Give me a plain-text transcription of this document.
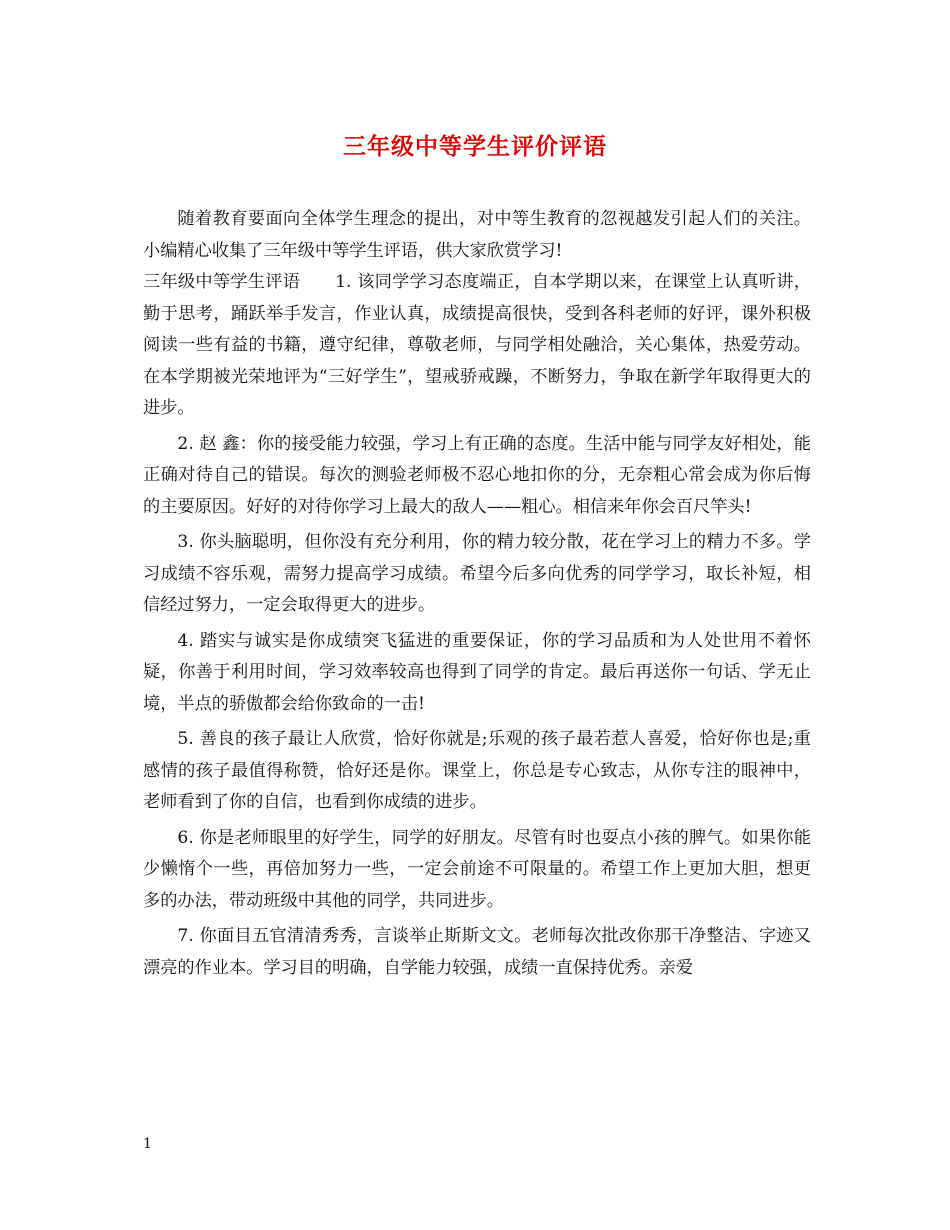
三年级中等学生评价评语

随着教育要面向全体学生理念的提出，对中等生教育的忽视越发引起人们的关注。小编精心收集了三年级中等学生评语，供大家欣赏学习!

三年级中等学生评语　　1. 该同学学习态度端正，自本学期以来，在课堂上认真听讲，勤于思考，踊跃举手发言，作业认真，成绩提高很快，受到各科老师的好评，课外积极阅读一些有益的书籍，遵守纪律，尊敬老师，与同学相处融洽，关心集体，热爱劳动。在本学期被光荣地评为“三好学生”，望戒骄戒躁，不断努力，争取在新学年取得更大的进步。

2. 赵 鑫：你的接受能力较强，学习上有正确的态度。生活中能与同学友好相处，能正确对待自己的错误。每次的测验老师极不忍心地扣你的分，无奈粗心常会成为你后悔的主要原因。好好的对待你学习上最大的敌人——粗心。相信来年你会百尺竿头!

3. 你头脑聪明，但你没有充分利用，你的精力较分散，花在学习上的精力不多。学习成绩不容乐观，需努力提高学习成绩。希望今后多向优秀的同学学习，取长补短，相信经过努力，一定会取得更大的进步。

4. 踏实与诚实是你成绩突飞猛进的重要保证，你的学习品质和为人处世用不着怀疑，你善于利用时间，学习效率较高也得到了同学的肯定。最后再送你一句话、学无止境，半点的骄傲都会给你致命的一击!

5. 善良的孩子最让人欣赏，恰好你就是;乐观的孩子最若惹人喜爱，恰好你也是;重感情的孩子最值得称赞，恰好还是你。课堂上，你总是专心致志，从你专注的眼神中，老师看到了你的自信，也看到你成绩的进步。

6. 你是老师眼里的好学生，同学的好朋友。尽管有时也耍点小孩的脾气。如果你能少懒惰个一些，再倍加努力一些，一定会前途不可限量的。希望工作上更加大胆，想更多的办法，带动班级中其他的同学，共同进步。

7. 你面目五官清清秀秀，言谈举止斯斯文文。老师每次批改你那干净整洁、字迹又漂亮的作业本。学习目的明确，自学能力较强，成绩一直保持优秀。亲爱

1
